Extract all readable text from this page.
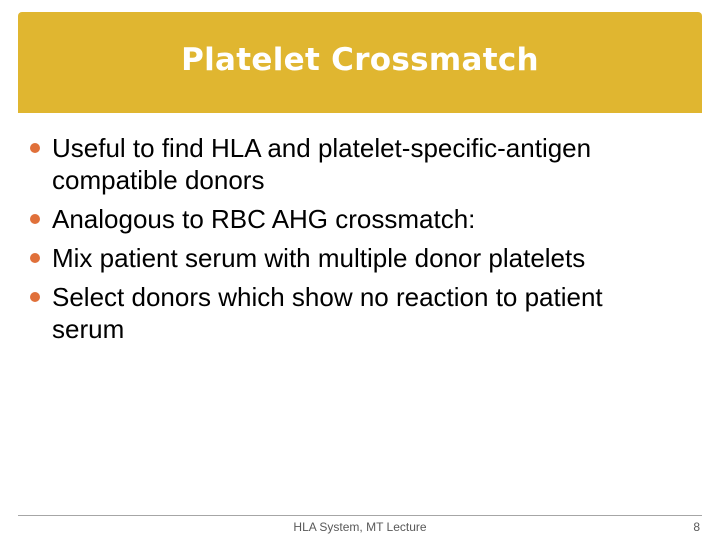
Platelet Crossmatch
Useful to find HLA and platelet-specific-antigen compatible donors
Analogous to RBC AHG crossmatch:
Mix patient serum with multiple donor platelets
Select donors which show no reaction to patient serum
HLA System, MT Lecture	8
